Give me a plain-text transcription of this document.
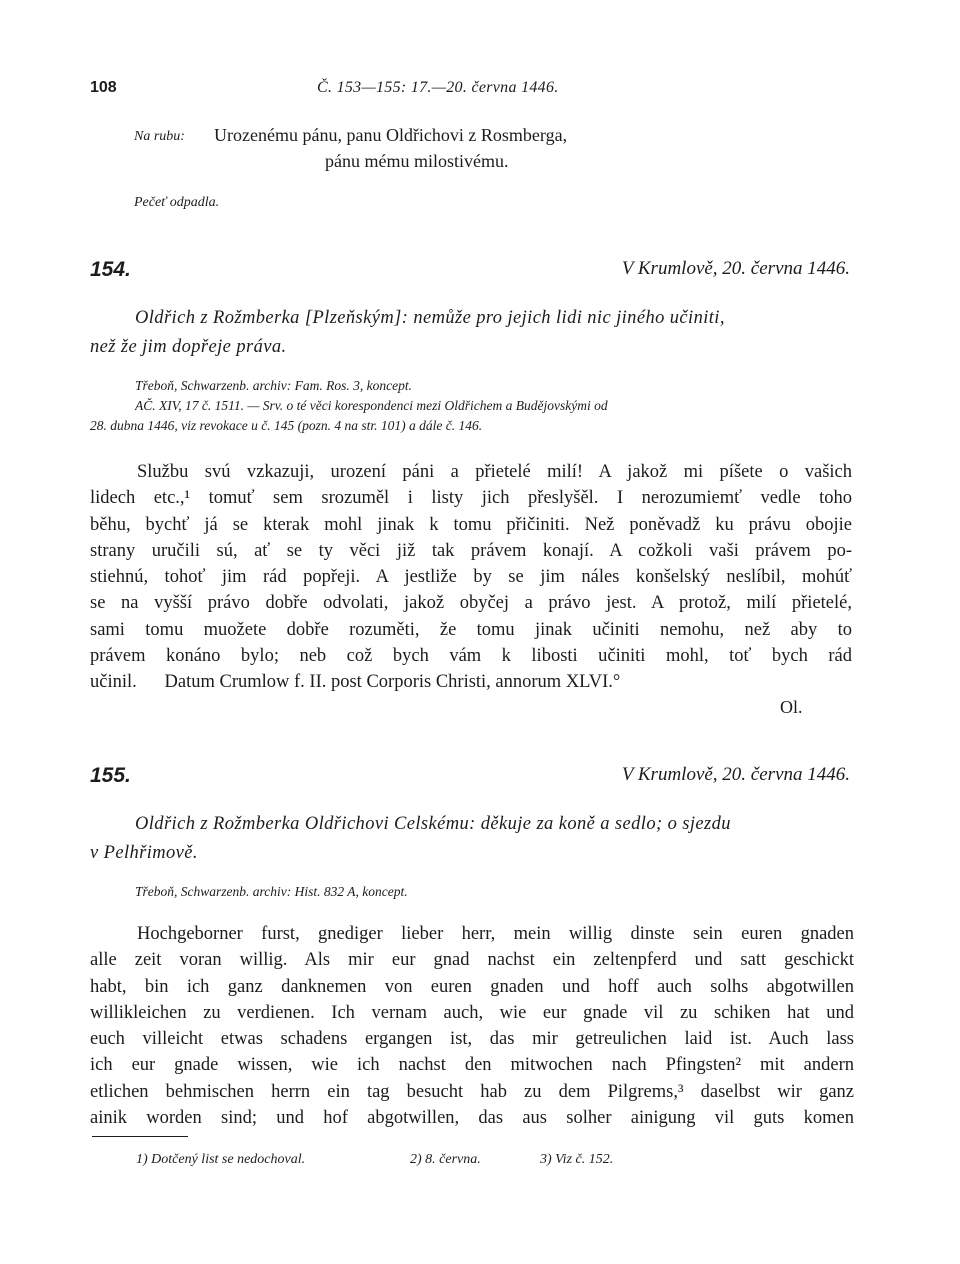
108	Č. 153—155: 17.—20. června 1446.
Na rubu: Urozenému pánu, panu Oldřichovi z Rosmberga,
pánu mému milostivému.
Pečeť odpadla.
154.	V Krumlově, 20. června 1446.
Oldřich z Rožmberka [Plzeňským]: nemůže pro jejich lidi nic jiného učiniti,
než že jim dopřeje práva.
Třeboň, Schwarzenb. archiv: Fam. Ros. 3, koncept.
AČ. XIV, 17 č. 1511. — Srv. o té věci korespondenci mezi Oldřichem a Budějovskými od
28. dubna 1446, viz revokace u č. 145 (pozn. 4 na str. 101) a dále č. 146.
Službu svú vzkazuji, urození páni a přietelé milí! A jakož mi píšete o vašich
lidech etc.,¹ tomuť sem srozuměl i listy jich přeslyšěl. I nerozumiemť vedle toho
běhu, bychť já se kterak mohl jinak k tomu přičiniti. Než poněvadž ku právu obojie
strany uručili sú, ať se ty věci již tak právem konají. A cožkoli vaši právem po-
stiehnú, tohoť jim rád popřeji. A jestližе by se jim náles konšelský neslíbil, mohúť
se na vyšší právo dobře odvolati, jakož obyčej a právo jest. A protož, milí přietelé,
sami tomu muožete dobře rozuměti, že tomu jinak učiniti nemohu, než aby to
právem konáno bylo; neb což bych vám k libosti učiniti mohl, toť bych rád
učinil.      Datum Crumlow f. II. post Corporis Christi, annorum XLVI.°
Ol.
155.	V Krumlově, 20. června 1446.
Oldřich z Rožmberka Oldřichovi Celskému: děkuje za koně a sedlo; o sjezdu
v Pelhřimově.
Třeboň, Schwarzenb. archiv: Hist. 832 A, koncept.
Hochgeborner furst, gnediger lieber herr, mein willig dinste sein euren gnaden
alle zeit voran willig. Als mir eur gnad nachst ein zeltenpferd und satt geschickt
habt, bin ich ganz danknemen von euren gnaden und hoff auch solhs abgotwillen
willikleichen zu verdienen. Ich vernam auch, wie eur gnade vil zu schiken hat und
euch villeicht etwas schadens ergangen ist, das mir getreulichen laid ist. Auch lass
ich eur gnade wissen, wie ich nachst den mitwochen nach Pfingsten² mit andern
etlichen behmischen herrn ein tag besucht hab zu dem Pilgrems,³ daselbst wir ganz
ainik worden sind; und hof abgotwillen, das aus solher ainigung vil guts komen
1) Dotčený list se nedochoval.	2) 8. června.	3) Viz č. 152.
